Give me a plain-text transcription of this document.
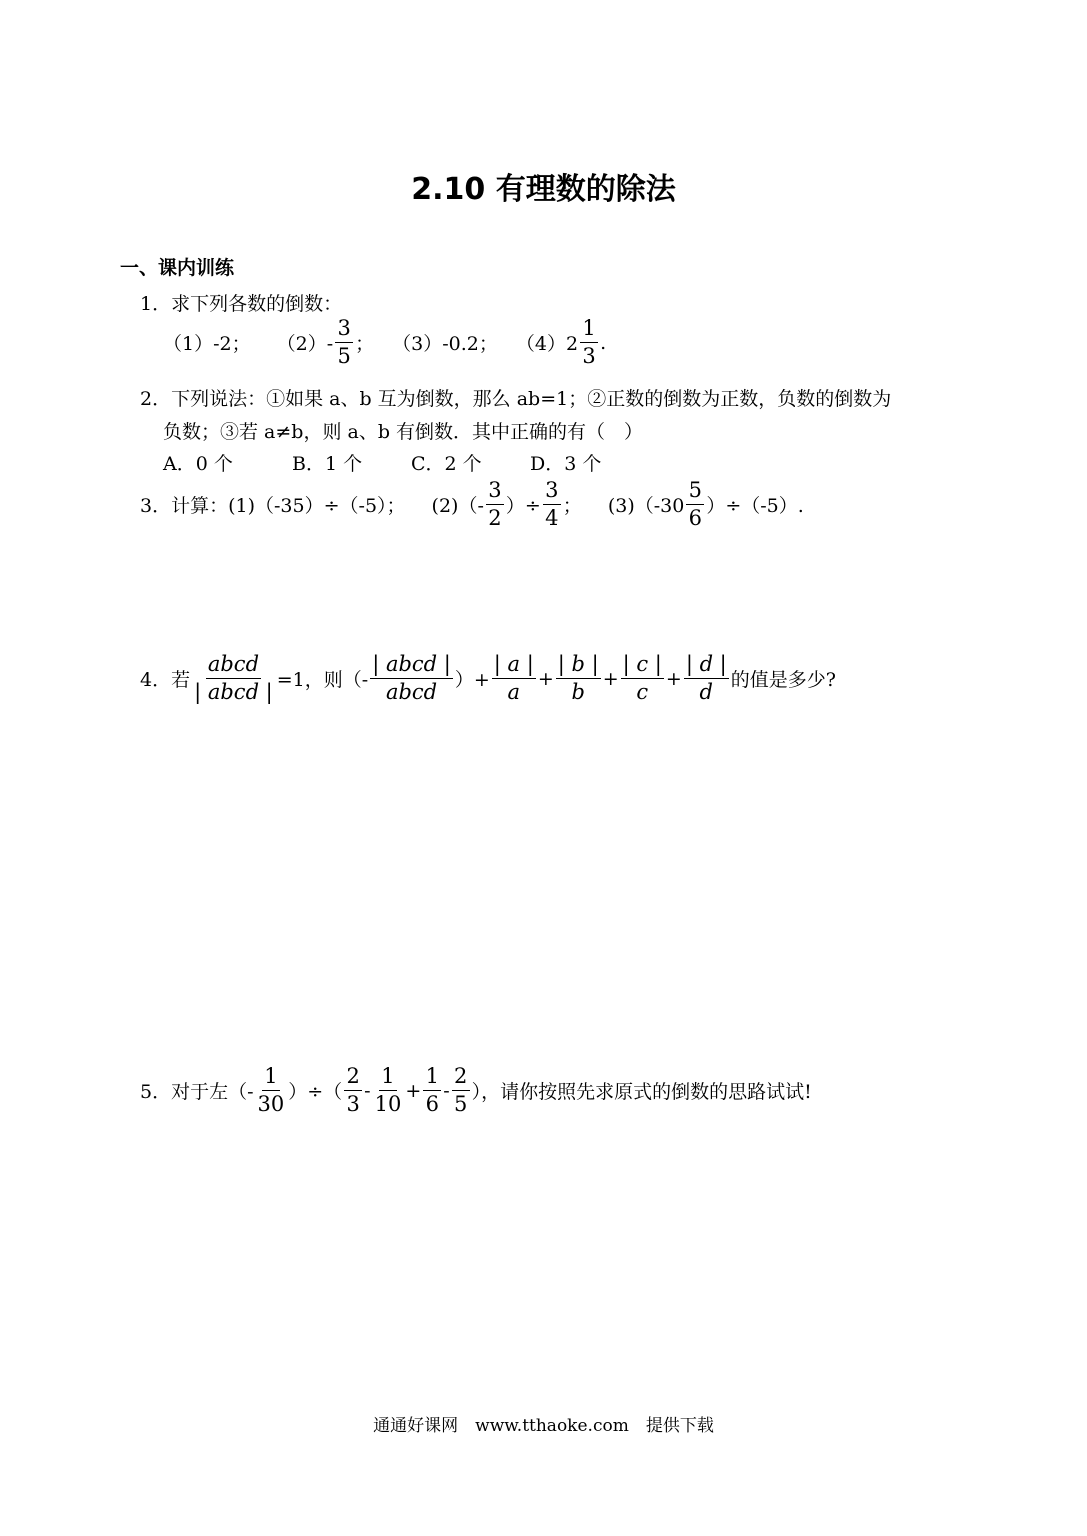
2.10 有理数的除法
一、课内训练
1．求下列各数的倒数：
（1）-2； $(2)- \frac{3}{5}$ ； （3）-0.2； $(4)2 \frac{1}{3}$ .
2．下列说法：①如果 a、b 互为倒数，那么 ab=1；②正数的倒数为正数，负数的倒数为
负数；③若 a≠b，则 a、b 有倒数．其中正确的有（　）
A．0 个	B．1 个	C．2 个	D．3 个
3．计算：(1)（-35）÷（-5）； $(2)(- \frac{3}{2}$ ）÷ $\frac{3}{4}$ ； $(3)(-30 \frac{5}{6} )\div(-5)$.
4．若 $\frac{\text{abcd}}{\text{| abcd |}} =1$，则（- $\frac{\text{| abcd |}}{\text{abcd}}$ ）+ $\frac{| a |}{a} + \frac{| b |}{b} + \frac{| c |}{c} + \frac{| d |}{d}$ 的值是多少?
5．对于左（- $\frac{1}{30}$ ）÷（ $\frac{2}{3} - \frac{1}{10} + \frac{1}{6} - \frac{2}{5}$ ），请你按照先求原式的倒数的思路试试!
通通好课网　www.tthaoke.com　提供下载
